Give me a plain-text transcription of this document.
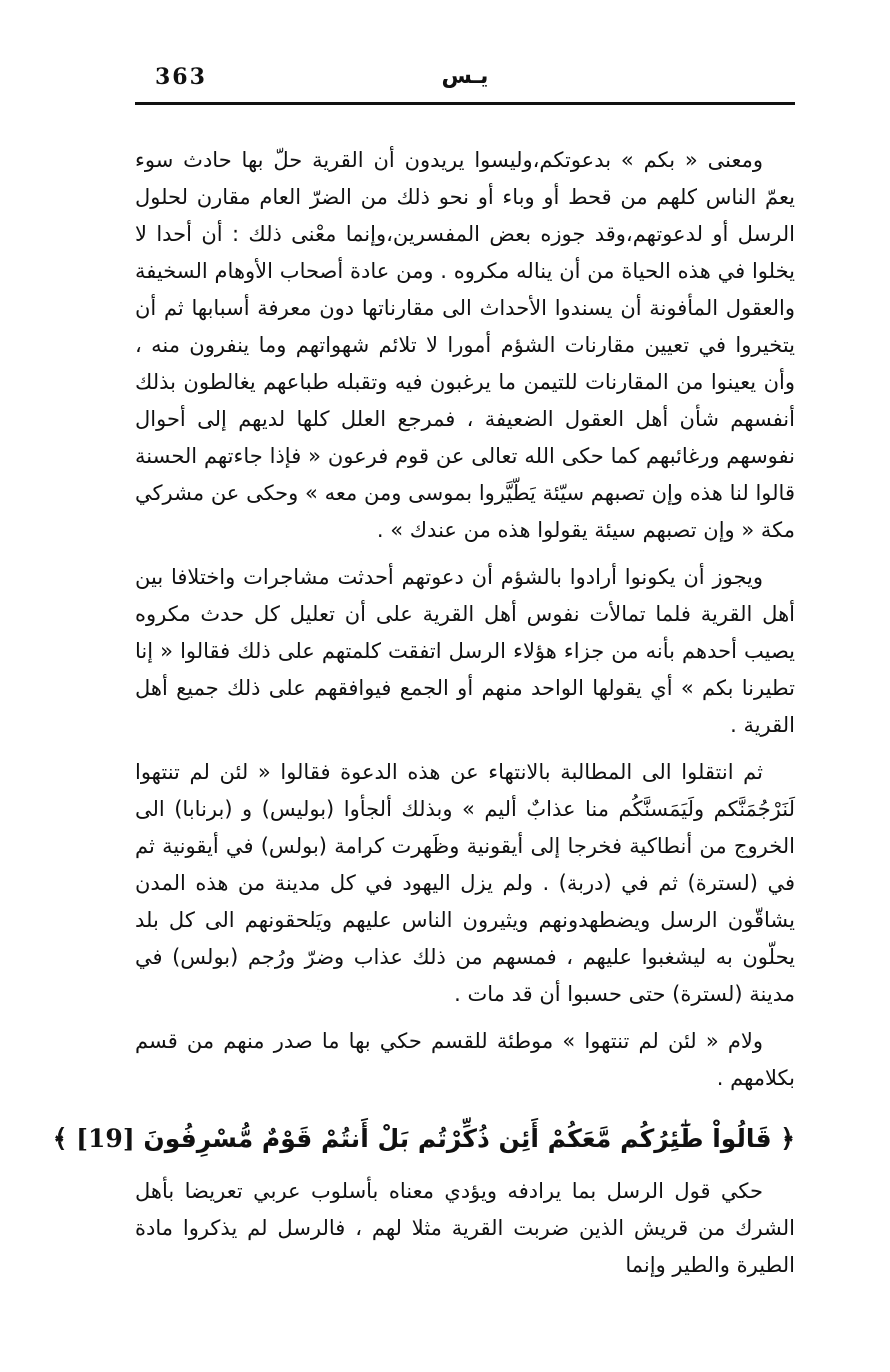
363	يـس

ومعنى « بكم » بدعوتكم،وليسوا يريدون أن القرية حلّ بها حادث سوء يعمّ الناس كلهم من قحط أو وباء أو نحو ذلك من الضرّ العام مقارن لحلول الرسل أو لدعوتهم،وقد جوزه بعض المفسرين،وإنما معْنى ذلك : أن أحدا لا يخلوا في هذه الحياة من أن يناله مكروه . ومن عادة أصحاب الأوهام السخيفة والعقول المأفونة أن يسندوا الأحداث الى مقارناتها دون معرفة أسبابها ثم أن يتخيروا في تعيين مقارنات الشؤم أمورا لا تلائم شهواتهم وما ينفرون منه ، وأن يعينوا من المقارنات للتيمن ما يرغبون فيه وتقبله طباعهم يغالطون بذلك أنفسهم شأن أهل العقول الضعيفة ، فمرجع العلل كلها لديهم إلى أحوال نفوسهم ورغائبهم كما حكى الله تعالى عن قوم فرعون « فإذا جاءتهم الحسنة قالوا لنا هذه وإن تصبهم سيّئة يَطّيَّروا بموسى ومن معه » وحكى عن مشركي مكة « وإن تصبهم سيئة يقولوا هذه من عندك » .

ويجوز أن يكونوا أرادوا بالشؤم أن دعوتهم أحدثت مشاجرات واختلافا بين أهل القرية فلما تمالأت نفوس أهل القرية على أن تعليل كل حدث مكروه يصيب أحدهم بأنه من جزاء هؤلاء الرسل اتفقت كلمتهم على ذلك فقالوا « إنا تطيرنا بكم » أي يقولها الواحد منهم أو الجمع فيوافقهم على ذلك جميع أهل القرية .

ثم انتقلوا الى المطالبة بالانتهاء عن هذه الدعوة فقالوا « لئن لم تنتهوا لَنَرْجُمَنَّكم ولَيَمَسنَّكُم منا عذابٌ أليم » وبذلك ألجأوا (بوليس) و (برنابا) الى الخروج من أنطاكية فخرجا إلى أيقونية وظَهرت كرامة (بولس) في أيقونية ثم في (لسترة) ثم في (دربة) . ولم يزل اليهود في كل مدينة من هذه المدن يشاقّون الرسل ويضطهدونهم ويثيرون الناس عليهم ويَلحقونهم الى كل بلد يحلّون به ليشغبوا عليهم ، فمسهم من ذلك عذاب وضرّ ورُجم (بولس) في مدينة (لسترة) حتى حسبوا أن قد مات .

ولام « لئن لم تنتهوا » موطئة للقسم حكي بها ما صدر منهم من قسم بكلامهم .

﴿ قَالُواْ طَٰٓئِرُكُم مَّعَكُمْ أَئِن ذُكِّرْتُم بَلْ أَنتُمْ قَوْمٌ مُّسْرِفُونَ [19] ﴾

حكي قول الرسل بما يرادفه ويؤدي معناه بأسلوب عربي تعريضا بأهل الشرك من قريش الذين ضربت القرية مثلا لهم ، فالرسل لم يذكروا مادة الطيرة والطير وإنما
